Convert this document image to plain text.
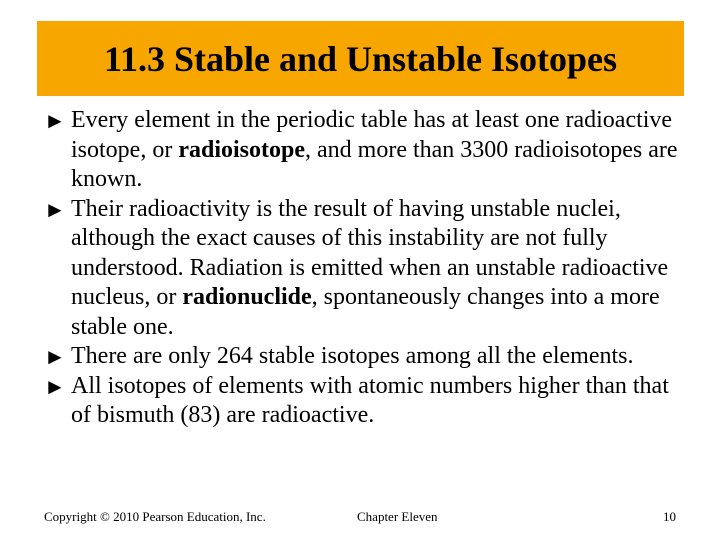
11.3 Stable and Unstable Isotopes

► Every element in the periodic table has at least one radioactive isotope, or radioisotope, and more than 3300 radioisotopes are known.

► Their radioactivity is the result of having unstable nuclei, although the exact causes of this instability are not fully understood. Radiation is emitted when an unstable radioactive nucleus, or radionuclide, spontaneously changes into a more stable one.

► There are only 264 stable isotopes among all the elements.

► All isotopes of elements with atomic numbers higher than that of bismuth (83) are radioactive.

Copyright © 2010 Pearson Education, Inc.	Chapter Eleven	10
